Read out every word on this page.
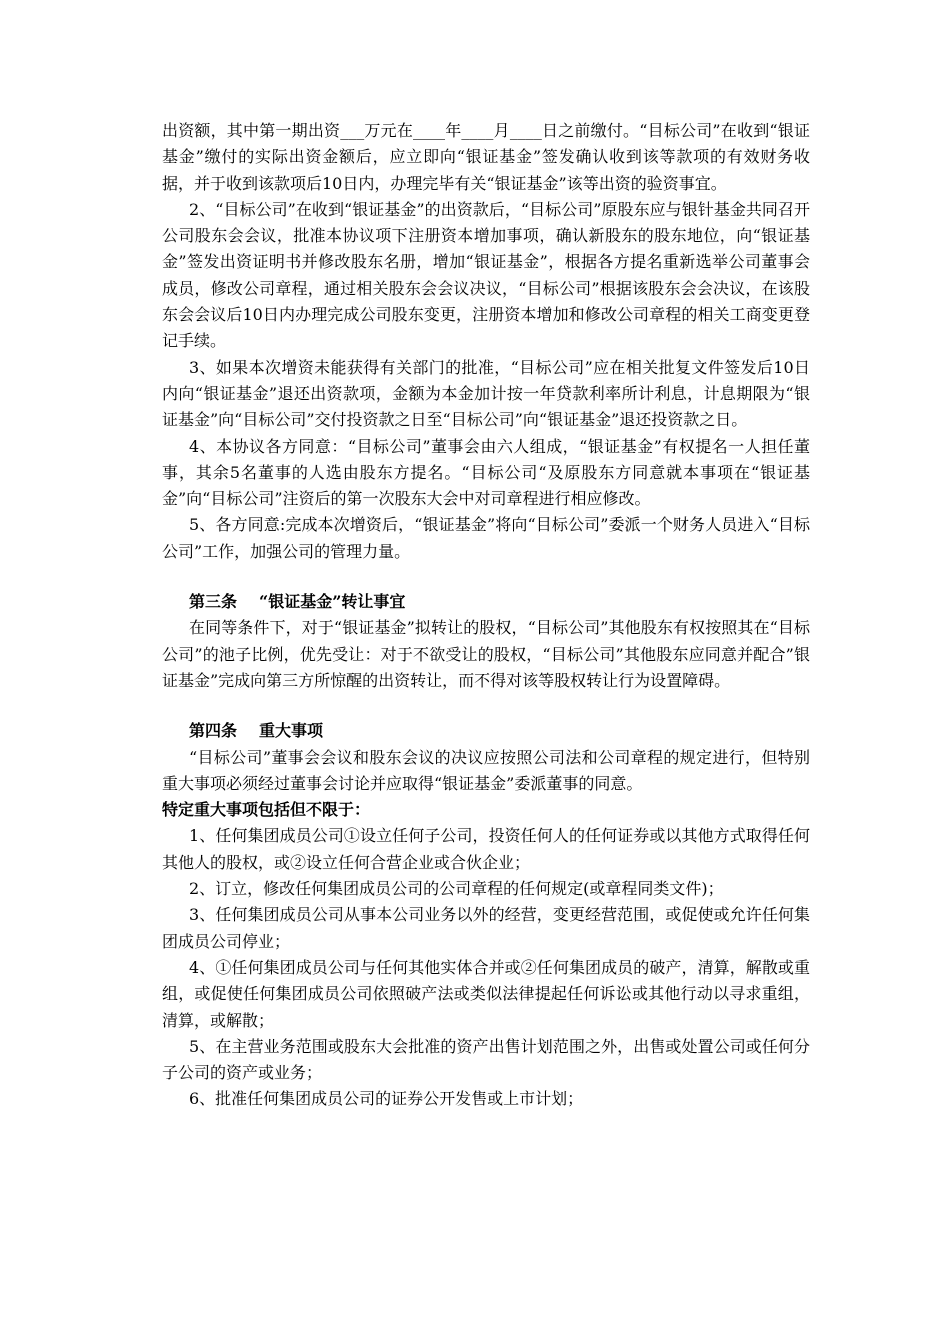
出资额，其中第一期出资___万元在____年____月____日之前缴付。“目标公司”在收到“银证基金”缴付的实际出资金额后，应立即向“银证基金”签发确认收到该等款项的有效财务收据，并于收到该款项后10日内，办理完毕有关“银证基金”该等出资的验资事宜。

2、“目标公司”在收到“银证基金”的出资款后，“目标公司”原股东应与银针基金共同召开公司股东会会议，批准本协议项下注册资本增加事项，确认新股东的股东地位，向“银证基金”签发出资证明书并修改股东名册，增加“银证基金”，根据各方提名重新选举公司董事会成员，修改公司章程，通过相关股东会会议决议，“目标公司”根据该股东会会决议，在该股东会会议后10日内办理完成公司股东变更，注册资本增加和修改公司章程的相关工商变更登记手续。

3、如果本次增资未能获得有关部门的批准，“目标公司”应在相关批复文件签发后10日内向“银证基金”退还出资款项，金额为本金加计按一年贷款利率所计利息，计息期限为“银证基金”向“目标公司”交付投资款之日至“目标公司”向“银证基金”退还投资款之日。

4、本协议各方同意：“目标公司”董事会由六人组成，“银证基金”有权提名一人担任董事，其余5名董事的人选由股东方提名。“目标公司“及原股东方同意就本事项在“银证基金”向“目标公司”注资后的第一次股东大会中对司章程进行相应修改。

5、各方同意:完成本次增资后，“银证基金”将向“目标公司”委派一个财务人员进入“目标公司”工作，加强公司的管理力量。

第三条 “银证基金”转让事宜

在同等条件下，对于“银证基金”拟转让的股权，“目标公司”其他股东有权按照其在“目标公司”的池子比例，优先受让：对于不欲受让的股权，“目标公司”其他股东应同意并配合”银证基金”完成向第三方所惊醒的出资转让，而不得对该等股权转让行为设置障碍。

第四条 重大事项

“目标公司”董事会会议和股东会议的决议应按照公司法和公司章程的规定进行，但特别重大事项必须经过董事会讨论并应取得“银证基金”委派董事的同意。

特定重大事项包括但不限于：

1、任何集团成员公司①设立任何子公司，投资任何人的任何证券或以其他方式取得任何其他人的股权，或②设立任何合营企业或合伙企业；

2、订立，修改任何集团成员公司的公司章程的任何规定(或章程同类文件)；

3、任何集团成员公司从事本公司业务以外的经营，变更经营范围，或促使或允许任何集团成员公司停业；

4、①任何集团成员公司与任何其他实体合并或②任何集团成员的破产，清算，解散或重组，或促使任何集团成员公司依照破产法或类似法律提起任何诉讼或其他行动以寻求重组，清算，或解散；

5、在主营业务范围或股东大会批准的资产出售计划范围之外，出售或处置公司或任何分子公司的资产或业务；

6、批准任何集团成员公司的证券公开发售或上市计划；
